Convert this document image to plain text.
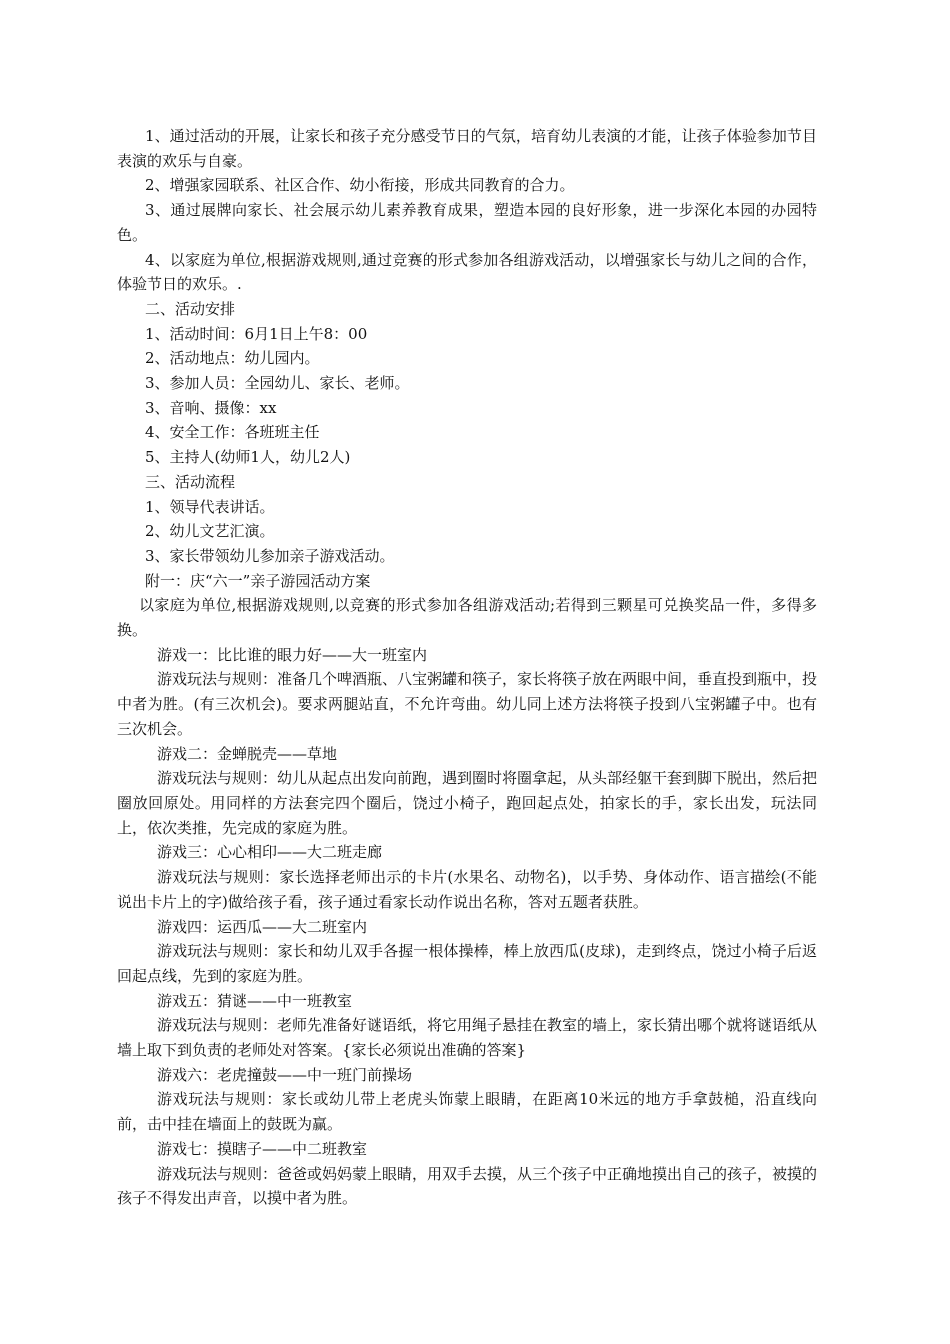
1、通过活动的开展，让家长和孩子充分感受节日的气氛，培育幼儿表演的才能，让孩子体验参加节目表演的欢乐与自豪。

2、增强家园联系、社区合作、幼小衔接，形成共同教育的合力。

3、通过展牌向家长、社会展示幼儿素养教育成果，塑造本园的良好形象，进一步深化本园的办园特色。

4、以家庭为单位,根据游戏规则,通过竞赛的形式参加各组游戏活动，以增强家长与幼儿之间的合作，体验节日的欢乐。.

二、活动安排

1、活动时间：6月1日上午8：00

2、活动地点：幼儿园内。

3、参加人员：全园幼儿、家长、老师。

3、音响、摄像：xx

4、安全工作：各班班主任

5、主持人(幼师1人，幼儿2人)

三、活动流程

1、领导代表讲话。

2、幼儿文艺汇演。

3、家长带领幼儿参加亲子游戏活动。

附一：庆“六一”亲子游园活动方案

以家庭为单位,根据游戏规则,以竞赛的形式参加各组游戏活动;若得到三颗星可兑换奖品一件，多得多换。

游戏一：比比谁的眼力好——大一班室内

游戏玩法与规则：准备几个啤酒瓶、八宝粥罐和筷子，家长将筷子放在两眼中间，垂直投到瓶中，投中者为胜。(有三次机会)。要求两腿站直，不允许弯曲。幼儿同上述方法将筷子投到八宝粥罐子中。也有三次机会。

游戏二：金蝉脱壳——草地

游戏玩法与规则：幼儿从起点出发向前跑，遇到圈时将圈拿起，从头部经躯干套到脚下脱出，然后把圈放回原处。用同样的方法套完四个圈后，饶过小椅子，跑回起点处，拍家长的手，家长出发，玩法同上，依次类推，先完成的家庭为胜。

游戏三：心心相印——大二班走廊

游戏玩法与规则：家长选择老师出示的卡片(水果名、动物名)，以手势、身体动作、语言描绘(不能说出卡片上的字)做给孩子看，孩子通过看家长动作说出名称，答对五题者获胜。

游戏四：运西瓜——大二班室内

游戏玩法与规则：家长和幼儿双手各握一根体操棒，棒上放西瓜(皮球)，走到终点，饶过小椅子后返回起点线，先到的家庭为胜。

游戏五：猜谜——中一班教室

游戏玩法与规则：老师先准备好谜语纸，将它用绳子悬挂在教室的墙上，家长猜出哪个就将谜语纸从墙上取下到负责的老师处对答案。{家长必须说出准确的答案}

游戏六：老虎撞鼓——中一班门前操场

游戏玩法与规则：家长或幼儿带上老虎头饰蒙上眼睛，在距离10米远的地方手拿鼓槌，沿直线向前，击中挂在墙面上的鼓既为赢。

游戏七：摸瞎子——中二班教室

游戏玩法与规则：爸爸或妈妈蒙上眼睛，用双手去摸，从三个孩子中正确地摸出自己的孩子，被摸的孩子不得发出声音，以摸中者为胜。
